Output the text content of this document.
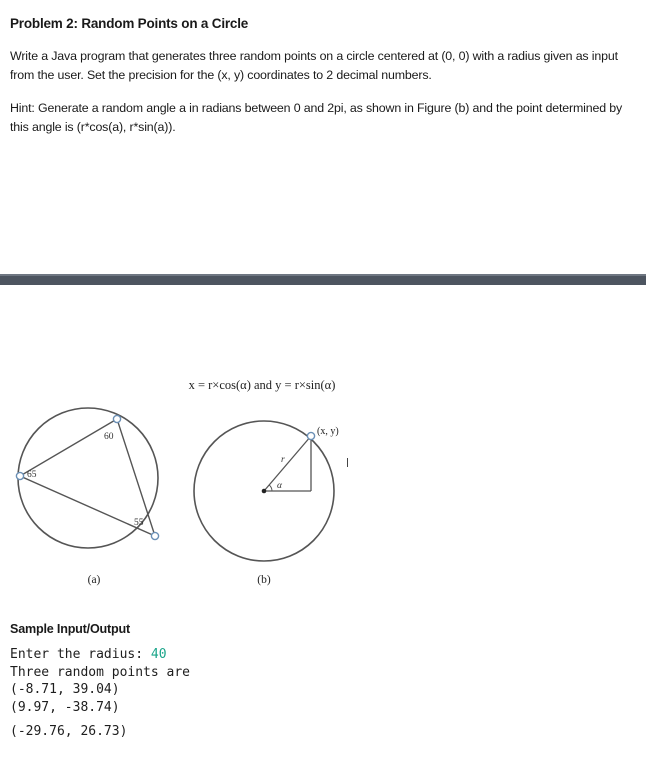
Problem 2: Random Points on a Circle
Write a Java program that generates three random points on a circle centered at (0, 0) with a radius given as input from the user. Set the precision for the (x, y) coordinates to 2 decimal numbers.
Hint: Generate a random angle a in radians between 0 and 2pi, as shown in Figure (b) and the point determined by this angle is (r*cos(a), r*sin(a)).
x = r×cos(α) and y = r×sin(α)
60
65
55
(a)
(x, y)
r
α
(b)
Sample Input/Output
Enter the radius: 40
Three random points are
(-8.71, 39.04)
(9.97, -38.74)
(-29.76, 26.73)
